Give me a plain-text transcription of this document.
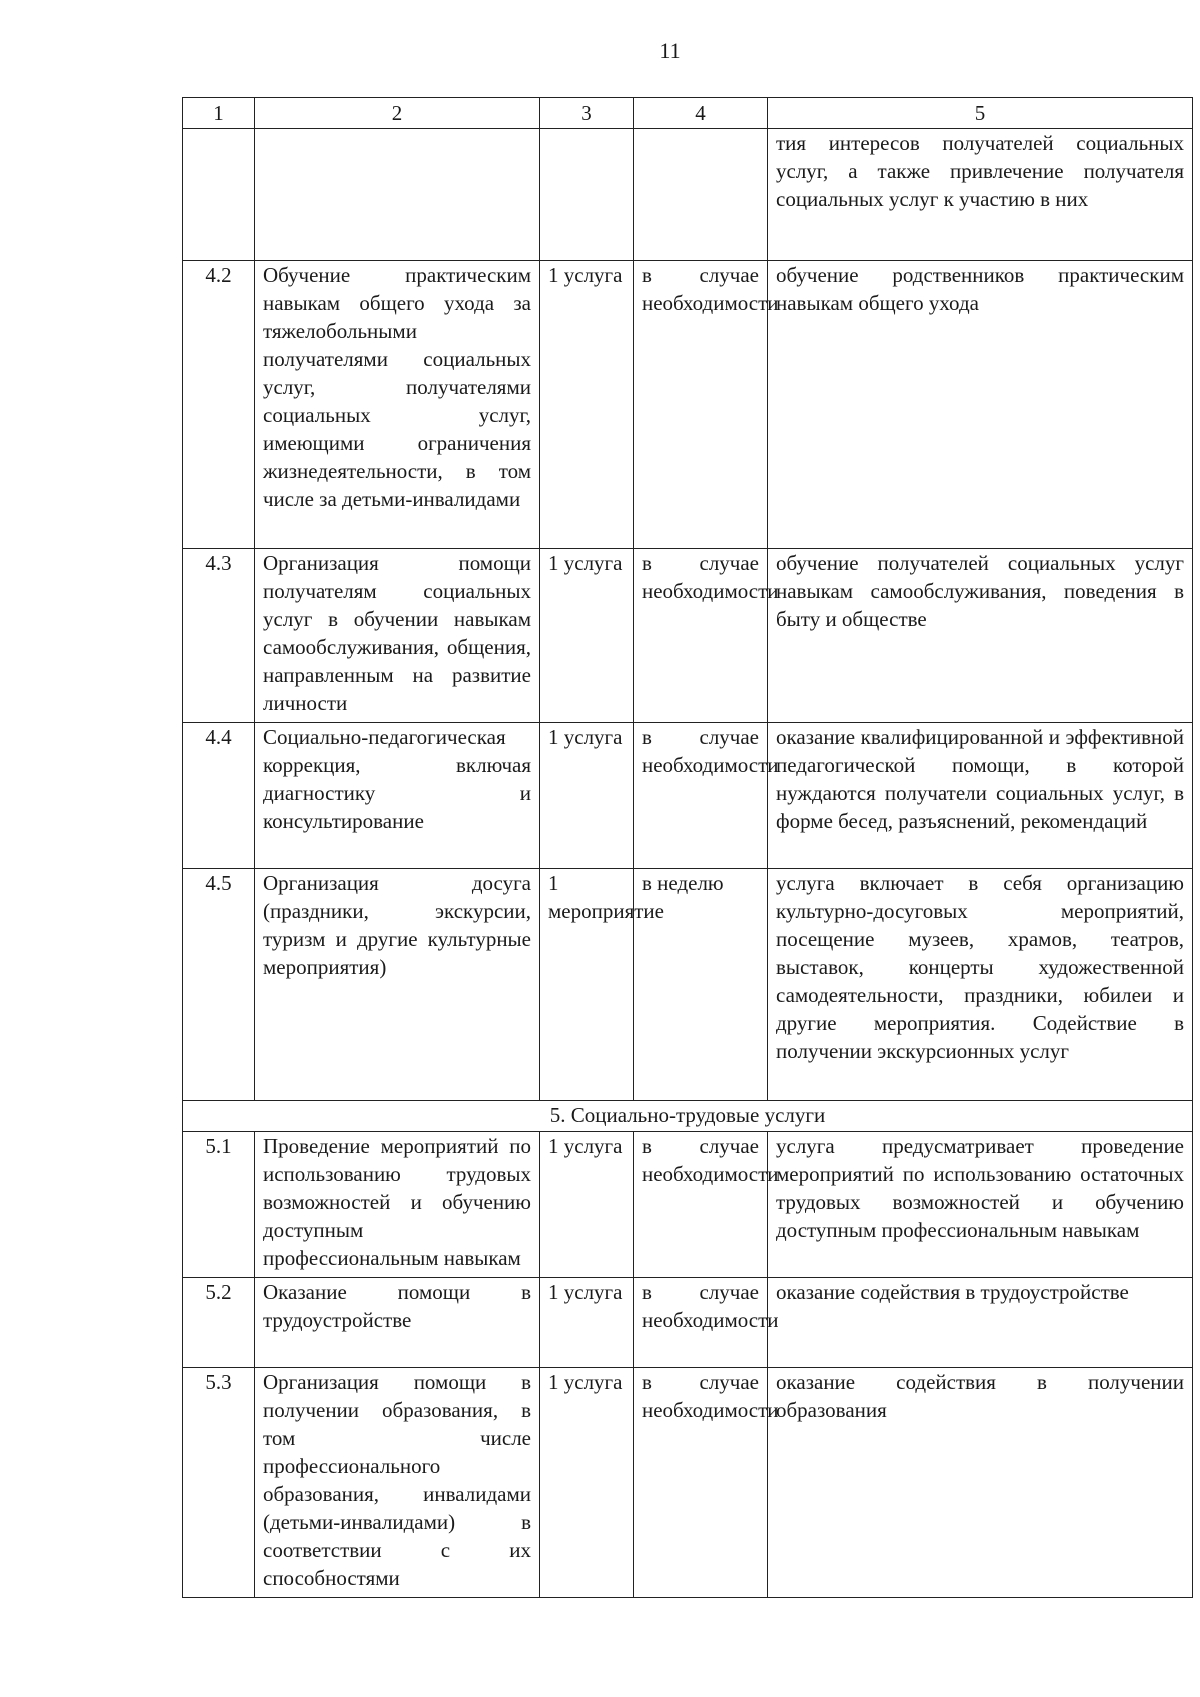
11
1	2	3	4	5
				тия интересов получателей социальных услуг, а также привлечение получателя социальных услуг к участию в них
4.2	Обучение практическим навыкам общего ухода за тяжелобольными получателями социальных услуг, получателями социальных услуг, имеющими ограничения жизнедеятельности, в том числе за детьми-инвалидами	1 услуга	в случае необходимости	обучение родственников практическим навыкам общего ухода
4.3	Организация помощи получателям социальных услуг в обучении навыкам самообслуживания, общения, направленным на развитие личности	1 услуга	в случае необходимости	обучение получателей социальных услуг навыкам самообслуживания, поведения в быту и обществе
4.4	Социально-педагогическая коррекция, включая диагностику и консультирование	1 услуга	в случае необходимости	оказание квалифицированной и эффективной педагогической помощи, в которой нуждаются получатели социальных услуг, в форме бесед, разъяснений, рекомендаций
4.5	Организация досуга (праздники, экскурсии, туризм и другие культурные мероприятия)	1 мероприятие	в неделю	услуга включает в себя организацию культурно-досуговых мероприятий, посещение музеев, храмов, театров, выставок, концерты художественной самодеятельности, праздники, юбилеи и другие мероприятия. Содействие в получении экскурсионных услуг
5. Социально-трудовые услуги				
5.1	Проведение мероприятий по использованию трудовых возможностей и обучению доступным профессиональным навыкам	1 услуга	в случае необходимости	услуга предусматривает проведение мероприятий по использованию остаточных трудовых возможностей и обучению доступным профессиональным навыкам
5.2	Оказание помощи в трудоустройстве	1 услуга	в случае необходимости	оказание содействия в трудоустройстве
5.3	Организация помощи в получении образования, в том числе профессионального образования, инвалидами (детьми-инвалидами) в соответствии с их способностями	1 услуга	в случае необходимости	оказание содействия в получении образования
